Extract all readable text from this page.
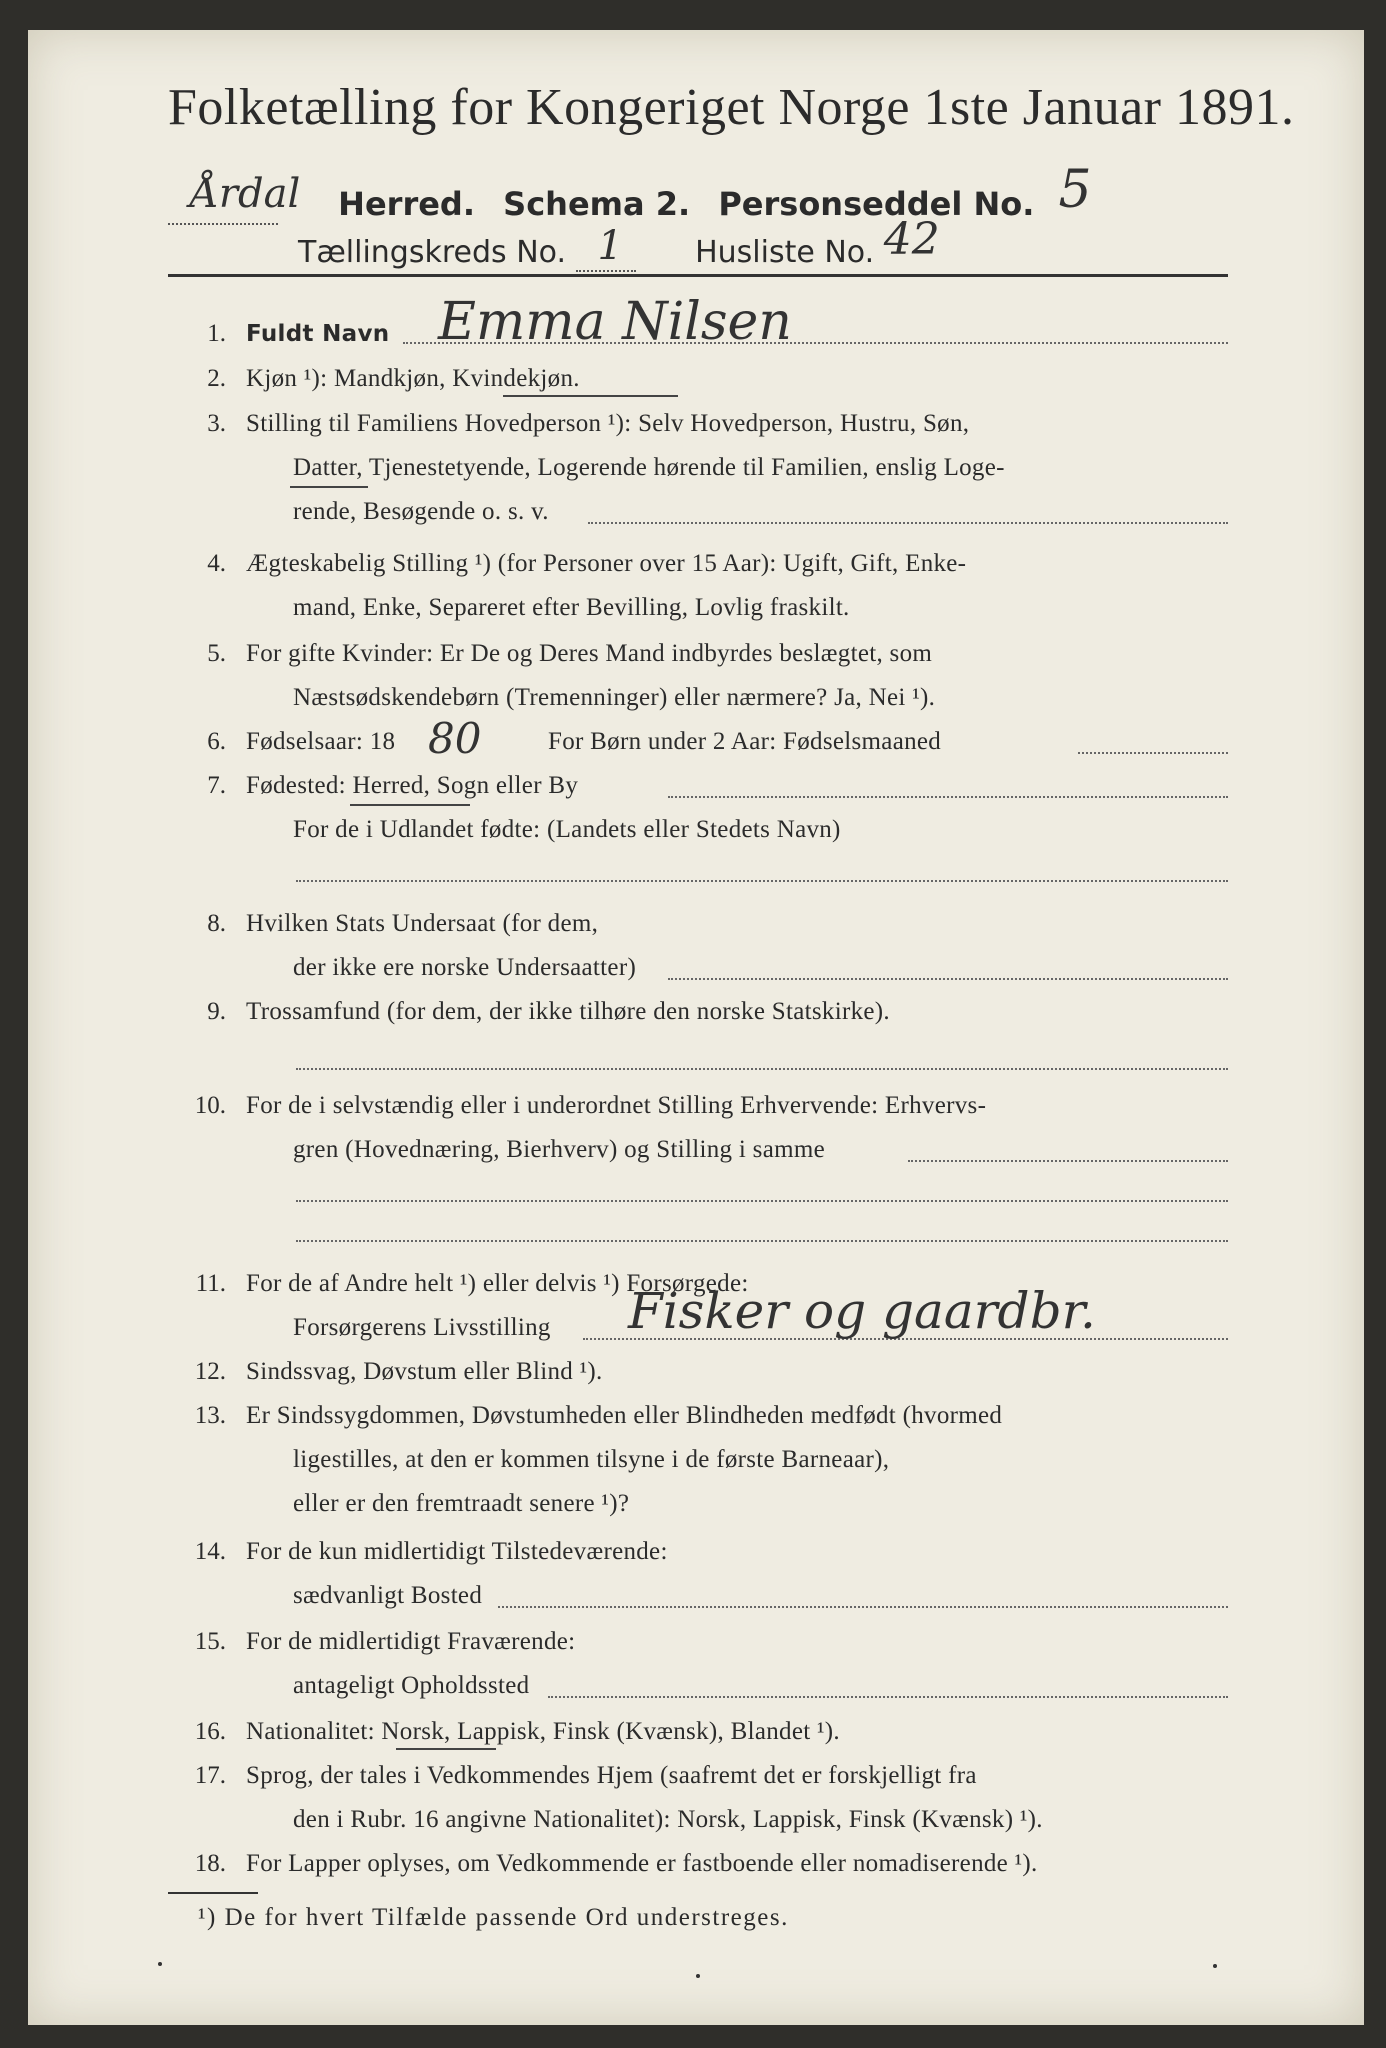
Folketælling for Kongeriget Norge 1ste Januar 1891.
Årdal Herred. Schema 2. Personseddel No. 5
Tællingskreds No. 1 Husliste No. 42
1. Fuldt Navn Emma Nilsen
2. Kjøn ¹): Mandkjøn, Kvindekjøn.
3. Stilling til Familiens Hovedperson ¹): Selv Hovedperson, Hustru, Søn,
Datter, Tjenestetyende, Logerende hørende til Familien, enslig Loge-
rende, Besøgende o. s. v.
4. Ægteskabelig Stilling ¹) (for Personer over 15 Aar): Ugift, Gift, Enke-
mand, Enke, Separeret efter Bevilling, Lovlig fraskilt.
5. For gifte Kvinder: Er De og Deres Mand indbyrdes beslægtet, som
Næstsødskendebørn (Tremenninger) eller nærmere? Ja, Nei ¹).
6. Fødselsaar: 18 80	For Børn under 2 Aar: Fødselsmaaned
7. Fødested: Herred, Sogn eller By
For de i Udlandet fødte: (Landets eller Stedets Navn)
8. Hvilken Stats Undersaat (for dem,
der ikke ere norske Undersaatter)
9. Trossamfund (for dem, der ikke tilhøre den norske Statskirke).
10. For de i selvstændig eller i underordnet Stilling Erhvervende: Erhvervs-
gren (Hovednæring, Bierhverv) og Stilling i samme
11. For de af Andre helt ¹) eller delvis ¹) Forsørgede:
Forsørgerens Livsstilling Fisker og gaardbr.
12. Sindssvag, Døvstum eller Blind ¹).
13. Er Sindssygdommen, Døvstumheden eller Blindheden medfødt (hvormed
ligestilles, at den er kommen tilsyne i de første Barneaar),
eller er den fremtraadt senere ¹)?
14. For de kun midlertidigt Tilstedeværende:
sædvanligt Bosted
15. For de midlertidigt Fraværende:
antageligt Opholdssted
16. Nationalitet: Norsk, Lappisk, Finsk (Kvænsk), Blandet ¹).
17. Sprog, der tales i Vedkommendes Hjem (saafremt det er forskjelligt fra
den i Rubr. 16 angivne Nationalitet): Norsk, Lappisk, Finsk (Kvænsk) ¹).
18. For Lapper oplyses, om Vedkommende er fastboende eller nomadiserende ¹).
¹) De for hvert Tilfælde passende Ord understreges.
